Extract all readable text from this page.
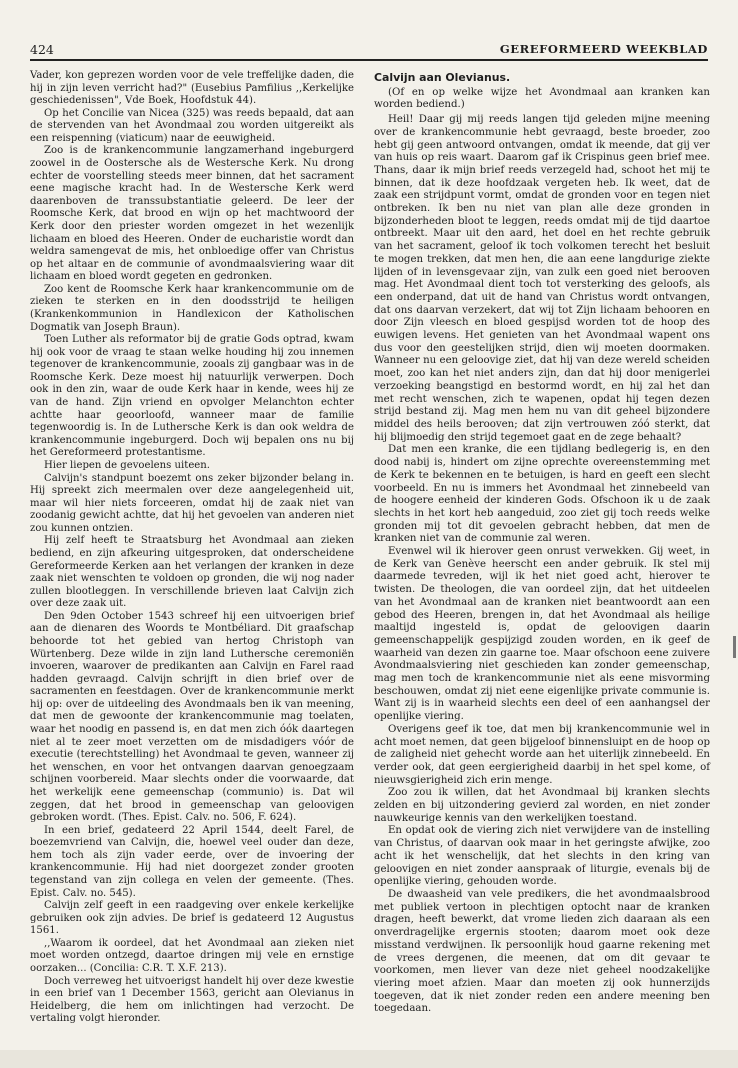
424	GEREFORMEERD WEEKBLAD

Vader, kon geprezen worden voor de vele treffelijke daden, die hij in zijn leven verricht had?" (Eusebius Pamfilius ,,Kerkelijke geschiedenissen", Vde Boek, Hoofdstuk 44).

Op het Concilie van Nicea (325) was reeds bepaald, dat aan de stervenden van het Avondmaal zou worden uitgereikt als een reispenning (viaticum) naar de eeuwigheid.

Zoo is de krankencommunie langzamerhand ingeburgerd zoowel in de Oostersche als de Westersche Kerk. Nu drong echter de voorstelling steeds meer binnen, dat het sacrament eene magische kracht had. In de Westersche Kerk werd daarenboven de transsubstantiatie geleerd. De leer der Roomsche Kerk, dat brood en wijn op het machtwoord der Kerk door den priester worden omgezet in het wezenlijk lichaam en bloed des Heeren. Onder de eucharistie wordt dan weldra samengevat de mis, het onbloedige offer van Christus op het altaar en de communie of avondmaalsviering waar dit lichaam en bloed wordt gegeten en gedronken.

Zoo kent de Roomsche Kerk haar krankencommunie om de zieken te sterken en in den doodsstrijd te heiligen (Krankenkommunion in Handlexicon der Katholischen Dogmatik van Joseph Braun).

Toen Luther als reformator bij de gratie Gods optrad, kwam hij ook voor de vraag te staan welke houding hij zou innemen tegenover de krankencommunie, zooals zij gangbaar was in de Roomsche Kerk. Deze moest hij natuurlijk verwerpen. Doch ook in den zin, waar de oude Kerk haar in kende, wees hij ze van de hand. Zijn vriend en opvolger Melanchton echter achtte haar geoorloofd, wanneer maar de familie tegenwoordig is. In de Luthersche Kerk is dan ook weldra de krankencommunie ingeburgerd. Doch wij bepalen ons nu bij het Gereformeerd protestantisme.

Hier liepen de gevoelens uiteen.

Calvijn's standpunt boezemt ons zeker bijzonder belang in. Hij spreekt zich meermalen over deze aangelegenheid uit, maar wil hier niets forceeren, omdat hij de zaak niet van zoodanig gewicht achtte, dat hij het gevoelen van anderen niet zou kunnen ontzien.

Hij zelf heeft te Straatsburg het Avondmaal aan zieken bediend, en zijn afkeuring uitgesproken, dat onderscheidene Gereformeerde Kerken aan het verlangen der kranken in deze zaak niet wenschten te voldoen op gronden, die wij nog nader zullen blootleggen. In verschillende brieven laat Calvijn zich over deze zaak uit.

Den 9den October 1543 schreef hij een uitvoerigen brief aan de dienaren des Woords te Montbéliard. Dit graafschap behoorde tot het gebied van hertog Christoph van Würtenberg. Deze wilde in zijn land Luthersche ceremoniën invoeren, waarover de predikanten aan Calvijn en Farel raad hadden gevraagd. Calvijn schrijft in dien brief over de sacramenten en feestdagen. Over de krankencommunie merkt hij op: over de uitdeeling des Avondmaals ben ik van meening, dat men de gewoonte der krankencommunie mag toelaten, waar het noodig en passend is, en dat men zich óók daartegen niet al te zeer moet verzetten om de misdadigers vóór de executie (terechtstelling) het Avondmaal te geven, wanneer zij het wenschen, en voor het ontvangen daarvan genoegzaam schijnen voorbereid. Maar slechts onder die voorwaarde, dat het werkelijk eene gemeenschap (communio) is. Dat wil zeggen, dat het brood in gemeenschap van geloovigen gebroken wordt. (Thes. Epist. Calv. no. 506, F. 624).

In een brief, gedateerd 22 April 1544, deelt Farel, de boezemvriend van Calvijn, die, hoewel veel ouder dan deze, hem toch als zijn vader eerde, over de invoering der krankencommunie. Hij had niet doorgezet zonder grooten tegenstand van zijn collega en velen der gemeente. (Thes. Epist. Calv. no. 545).

Calvijn zelf geeft in een raadgeving over enkele kerkelijke gebruiken ook zijn advies. De brief is gedateerd 12 Augustus 1561.

,,Waarom ik oordeel, dat het Avondmaal aan zieken niet moet worden ontzegd, daartoe dringen mij vele en ernstige oorzaken... (Concilia: C.R. T. X.F. 213).

Doch verreweg het uitvoerigst handelt hij over deze kwestie in een brief van 1 December 1563, gericht aan Olevianus in Heidelberg, die hem om inlichtingen had verzocht. De vertaling volgt hieronder.

Calvijn aan Olevianus.

(Of en op welke wijze het Avondmaal aan kranken kan worden bediend.)

Heil! Daar gij mij reeds langen tijd geleden mijne meening over de krankencommunie hebt gevraagd, beste broeder, zoo hebt gij geen antwoord ontvangen, omdat ik meende, dat gij ver van huis op reis waart. Daarom gaf ik Crispinus geen brief mee. Thans, daar ik mijn brief reeds verzegeld had, schoot het mij te binnen, dat ik deze hoofdzaak vergeten heb. Ik weet, dat de zaak een strijdpunt vormt, omdat de gronden voor en tegen niet ontbreken. Ik ben nu niet van plan alle deze gronden in bijzonderheden bloot te leggen, reeds omdat mij de tijd daartoe ontbreekt. Maar uit den aard, het doel en het rechte gebruik van het sacrament, geloof ik toch volkomen terecht het besluit te mogen trekken, dat men hen, die aan eene langdurige ziekte lijden of in levensgevaar zijn, van zulk een goed niet berooven mag. Het Avondmaal dient toch tot versterking des geloofs, als een onderpand, dat uit de hand van Christus wordt ontvangen, dat ons daarvan verzekert, dat wij tot Zijn lichaam behooren en door Zijn vleesch en bloed gespijsd worden tot de hoop des euwigen levens. Het genieten van het Avondmaal wapent ons dus voor den geestelijken strijd, dien wij moeten doormaken. Wanneer nu een geloovige ziet, dat hij van deze wereld scheiden moet, zoo kan het niet anders zijn, dan dat hij door menigerlei verzoeking beangstigd en bestormd wordt, en hij zal het dan met recht wenschen, zich te wapenen, opdat hij tegen dezen strijd bestand zij. Mag men hem nu van dit geheel bijzondere middel des heils berooven; dat zijn vertrouwen zóó sterkt, dat hij blijmoedig den strijd tegemoet gaat en de zege behaalt?

Dat men een kranke, die een tijdlang bedlegerig is, en den dood nabij is, hindert om zijne oprechte overeenstemming met de Kerk te bekennen en te betuigen, is hard en geeft een slecht voorbeeld. En nu is immers het Avondmaal het zinnebeeld van de hoogere eenheid der kinderen Gods. Ofschoon ik u de zaak slechts in het kort heb aangeduid, zoo ziet gij toch reeds welke gronden mij tot dit gevoelen gebracht hebben, dat men de kranken niet van de communie zal weren.

Evenwel wil ik hierover geen onrust verwekken. Gij weet, in de Kerk van Genève heerscht een ander gebruik. Ik stel mij daarmede tevreden, wijl ik het niet goed acht, hierover te twisten. De theologen, die van oordeel zijn, dat het uitdeelen van het Avondmaal aan de kranken niet beantwoordt aan een gebod des Heeren, brengen in, dat het Avondmaal als heilige maaltijd ingesteld is, opdat de geloovigen daarin gemeenschappelijk gespijzigd zouden worden, en ik geef de waarheid van dezen zin gaarne toe. Maar ofschoon eene zuivere Avondmaalsviering niet geschieden kan zonder gemeenschap, mag men toch de krankencommunie niet als eene misvorming beschouwen, omdat zij niet eene eigenlijke private communie is. Want zij is in waarheid slechts een deel of een aanhangsel der openlijke viering.

Overigens geef ik toe, dat men bij krankencommunie wel in acht moet nemen, dat geen bijgeloof binnensluipt en de hoop op de zaligheid niet gehecht worde aan het uiterlijk zinnebeeld. En verder ook, dat geen eergierigheid daarbij in het spel kome, of nieuwsgierigheid zich erin menge.

Zoo zou ik willen, dat het Avondmaal bij kranken slechts zelden en bij uitzondering gevierd zal worden, en niet zonder nauwkeurige kennis van den werkelijken toestand.

En opdat ook de viering zich niet verwijdere van de instelling van Christus, of daarvan ook maar in het geringste afwijke, zoo acht ik het wenschelijk, dat het slechts in den kring van geloovigen en niet zonder aanspraak of liturgie, evenals bij de openlijke viering, gehouden worde.

De dwaasheid van vele predikers, die het avondmaalsbrood met publiek vertoon in plechtigen optocht naar de kranken dragen, heeft bewerkt, dat vrome lieden zich daaraan als een onverdragelijke ergernis stooten; daarom moet ook deze misstand verdwijnen. Ik persoonlijk houd gaarne rekening met de vrees dergenen, die meenen, dat om dit gevaar te voorkomen, men liever van deze niet geheel noodzakelijke viering moet afzien. Maar dan moeten zij ook hunnerzijds toegeven, dat ik niet zonder reden een andere meening ben toegedaan.
